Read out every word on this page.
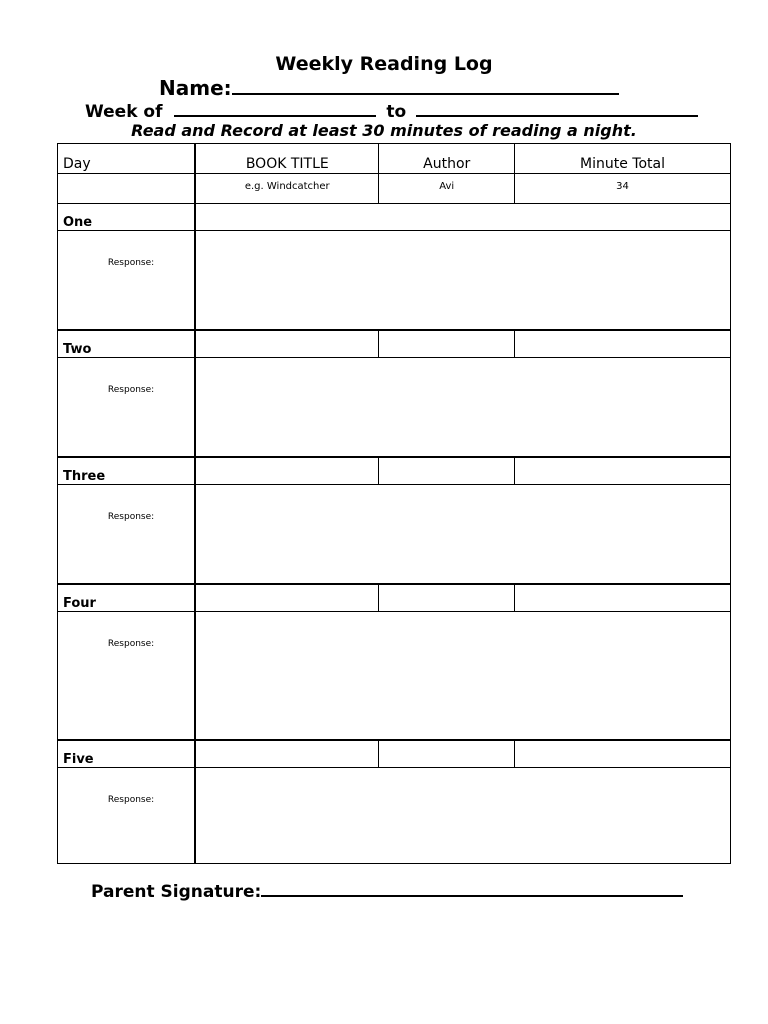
Weekly Reading Log
Name:
Week of	to
Read and Record at least 30 minutes of reading a night.
Day	BOOK TITLE	Author	Minute Total

	e.g. Windcatcher	Avi	34

One			

Response:			

Two			

Response:			

Three			

Response:			

Four			

Response:			

Five			

Response:			

Parent Signature:
